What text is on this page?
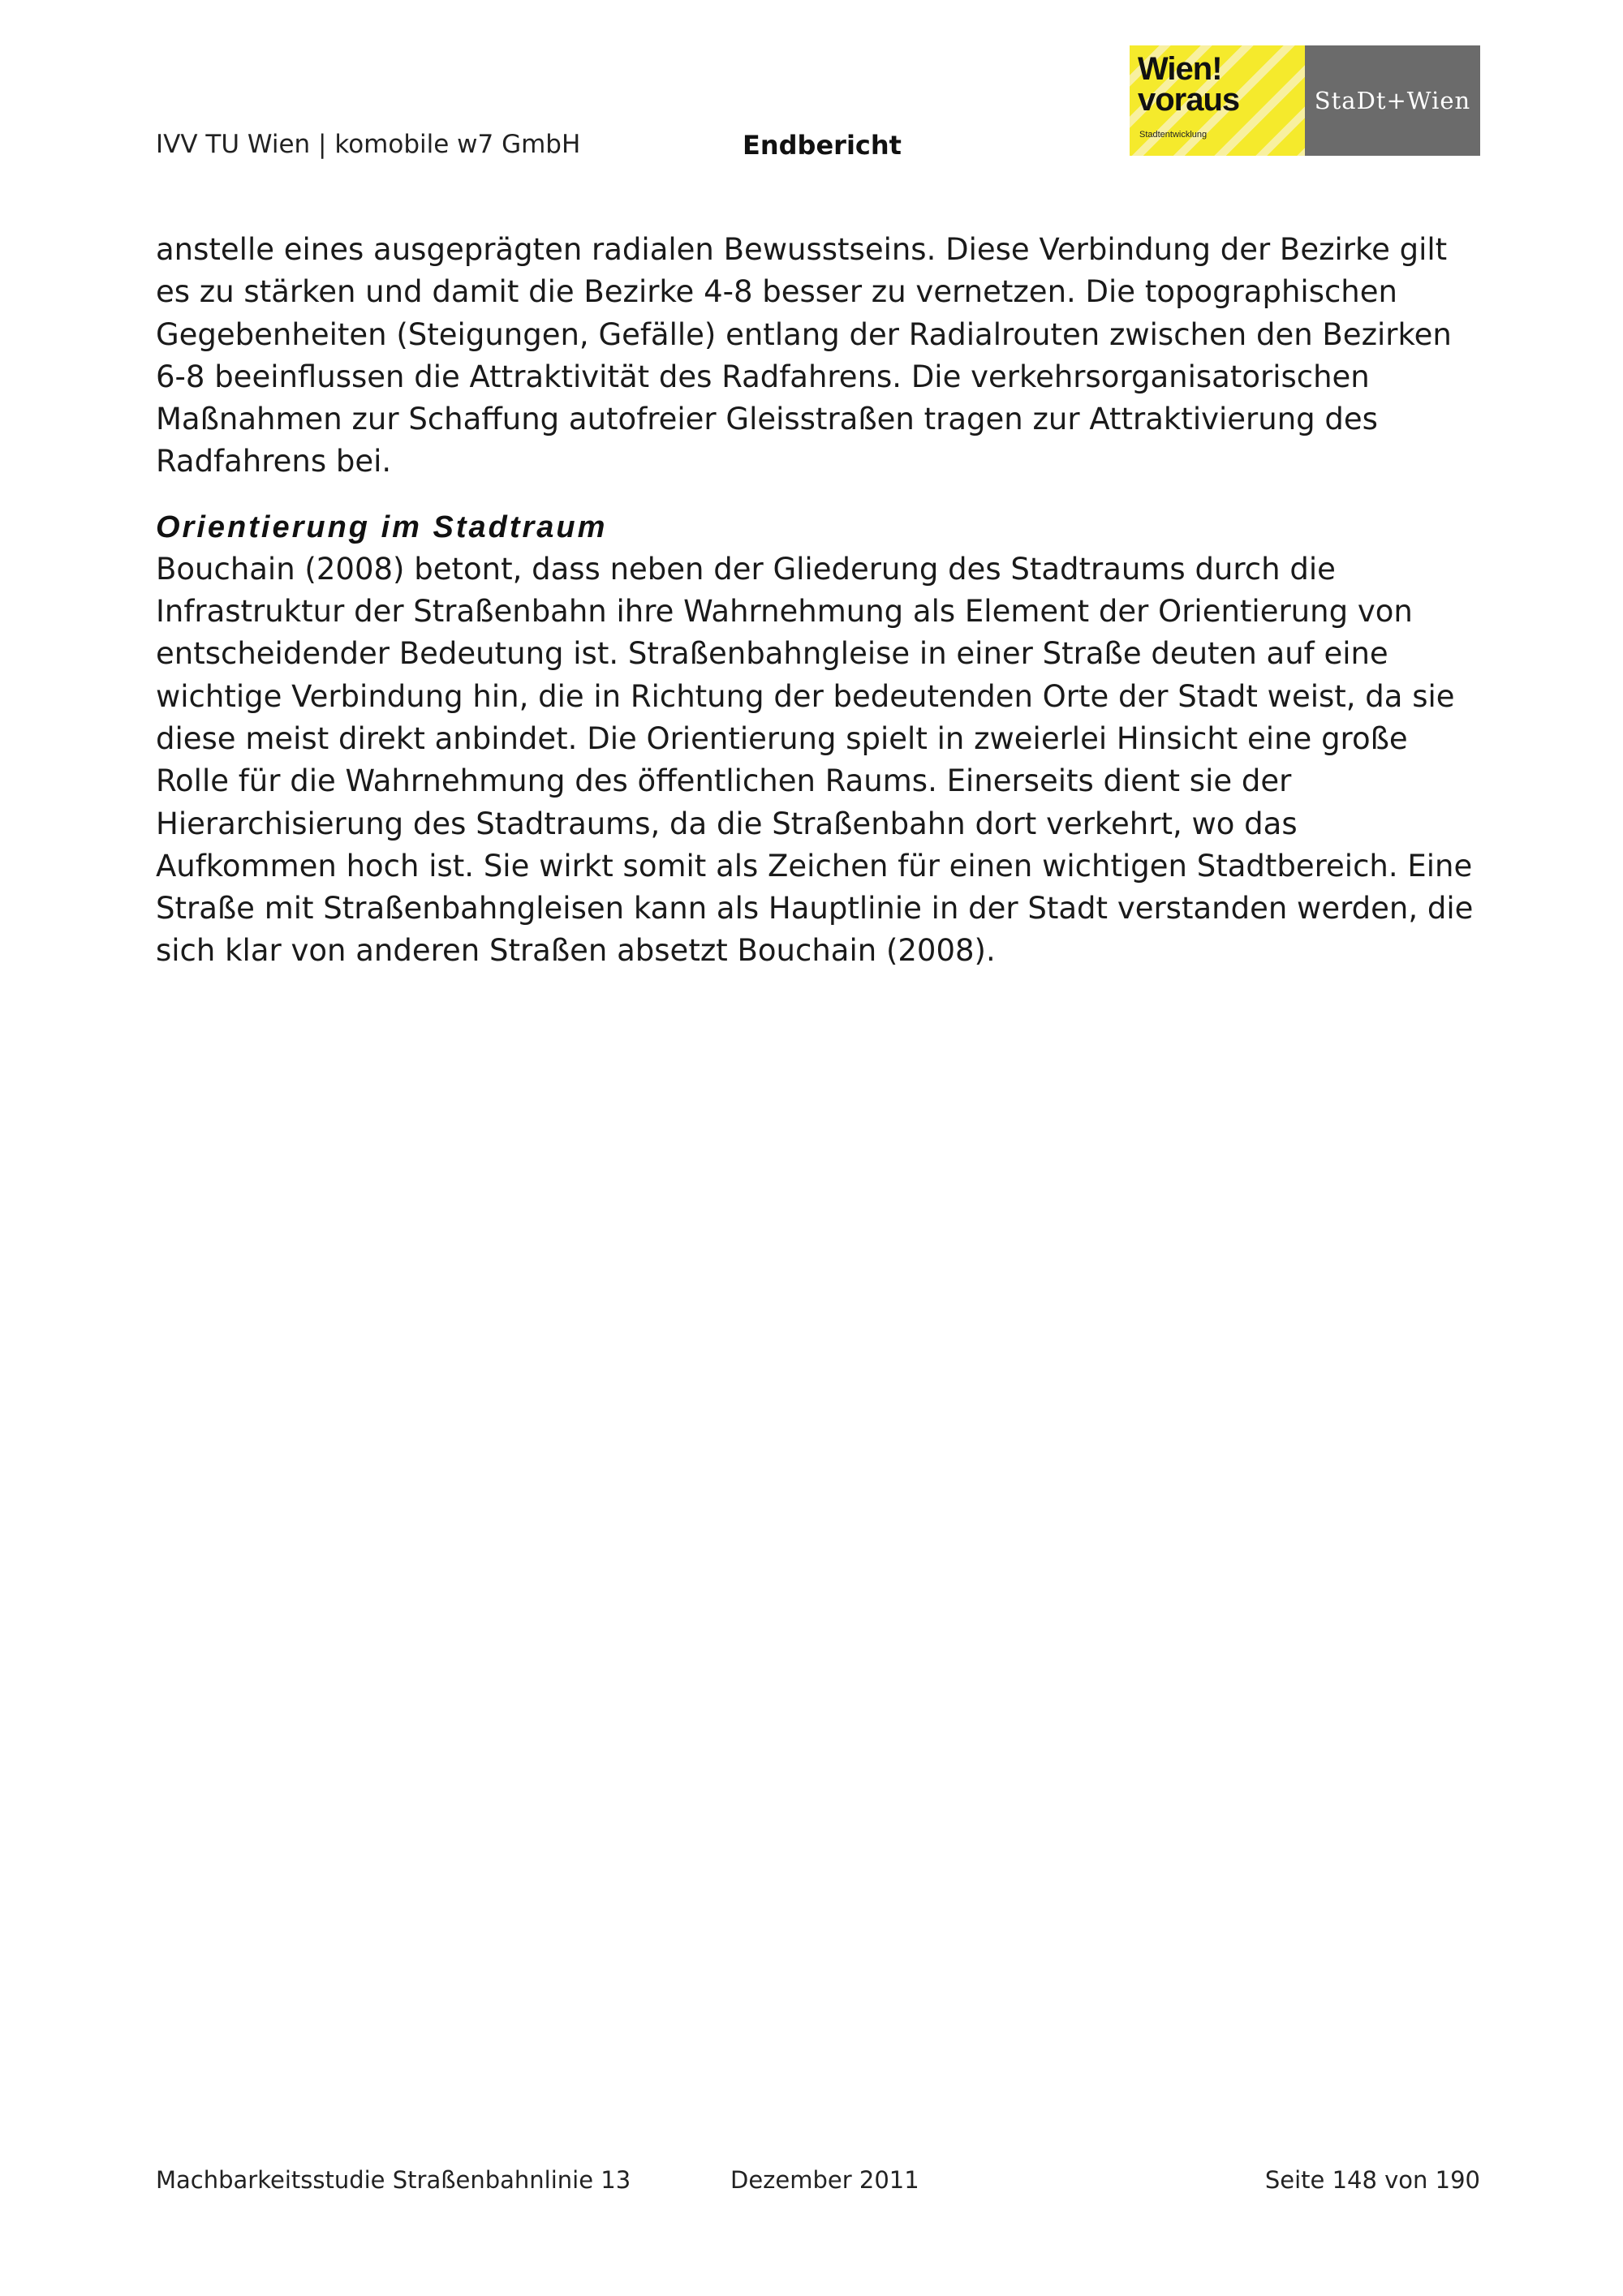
IVV TU Wien | komobile w7 GmbH	Endbericht
Wien!
voraus
Stadtentwicklung
StaDt+Wien

anstelle eines ausgeprägten radialen Bewusstseins. Diese Verbindung der Bezirke gilt es zu stärken und damit die Bezirke 4-8 besser zu vernetzen. Die topographischen Gegebenheiten (Steigungen, Gefälle) entlang der Radialrouten zwischen den Bezirken 6-8 beeinflussen die Attraktivität des Radfahrens. Die verkehrsorganisatorischen Maßnahmen zur Schaffung autofreier Gleisstraßen tragen zur Attraktivierung des Radfahrens bei.

Orientierung im Stadtraum

Bouchain (2008) betont, dass neben der Gliederung des Stadtraums durch die Infrastruktur der Straßenbahn ihre Wahrnehmung als Element der Orientierung von entscheidender Bedeutung ist. Straßenbahngleise in einer Straße deuten auf eine wichtige Verbindung hin, die in Richtung der bedeutenden Orte der Stadt weist, da sie diese meist direkt anbindet. Die Orientierung spielt in zweierlei Hinsicht eine große Rolle für die Wahrnehmung des öffentlichen Raums. Einerseits dient sie der Hierarchisierung des Stadtraums, da die Straßenbahn dort verkehrt, wo das Aufkommen hoch ist. Sie wirkt somit als Zeichen für einen wichtigen Stadtbereich. Eine Straße mit Straßenbahngleisen kann als Hauptlinie in der Stadt verstanden werden, die sich klar von anderen Straßen absetzt Bouchain (2008).

Machbarkeitsstudie Straßenbahnlinie 13	Dezember 2011	Seite 148 von 190
